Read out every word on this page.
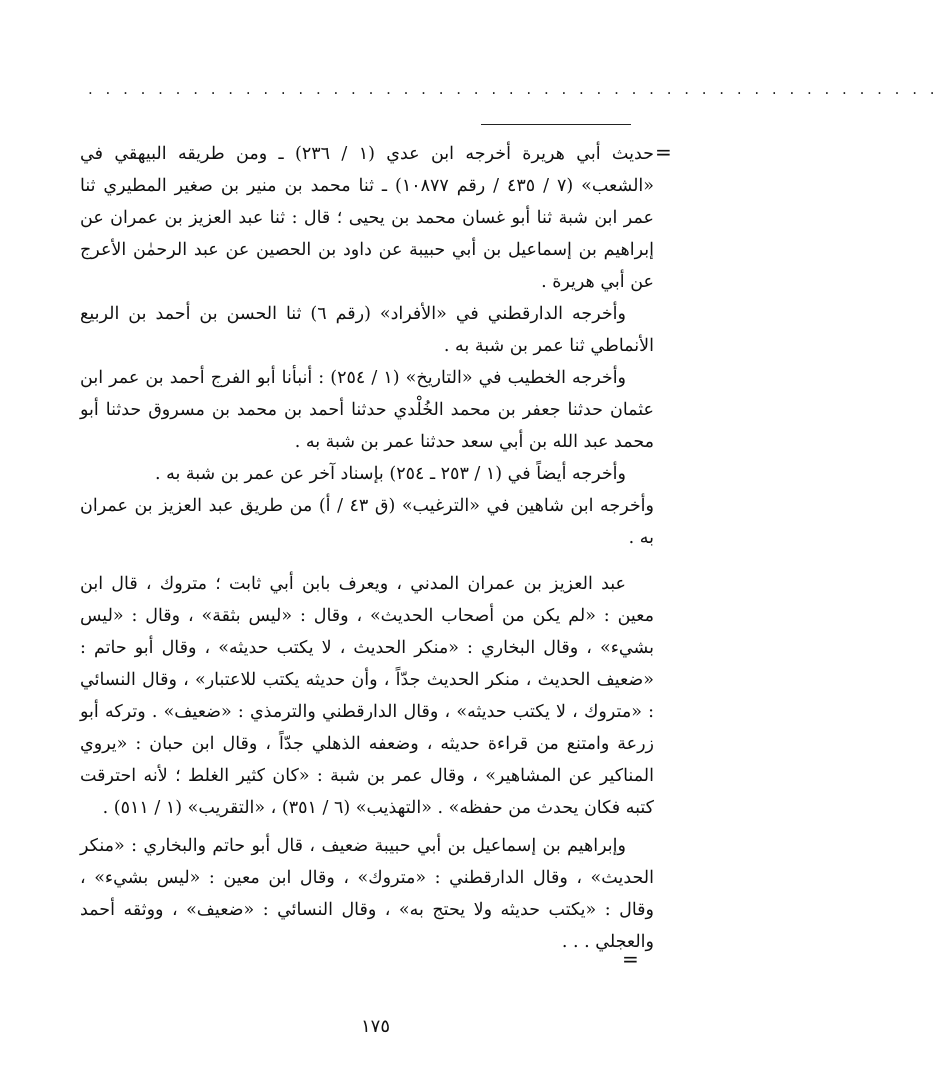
. . . . . . . . . . . . . . . . . . . . . . . . . . . . . . . . . . . . . . . . . . . . . . . . .
=

حديث أبي هريرة أخرجه ابن عدي (١ / ٢٣٦) ـ ومن طريقه البيهقي في «الشعب» (٧ / ٤٣٥ / رقم ١٠٨٧٧) ـ ثنا محمد بن منير بن صغير المطيري ثنا عمر ابن شبة ثنا أبو غسان محمد بن يحيى ؛ قال : ثنا عبد العزيز بن عمران عن إبراهيم بن إسماعيل بن أبي حبيبة عن داود بن الحصين عن عبد الرحمٰن الأعرج عن أبي هريرة .

وأخرجه الدارقطني في «الأفراد» (رقم ٦) ثنا الحسن بن أحمد بن الربيع الأنماطي ثنا عمر بن شبة به .

وأخرجه الخطيب في «التاريخ» (١ / ٢٥٤) : أنبأنا أبو الفرج أحمد بن عمر ابن عثمان حدثنا جعفر بن محمد الخُلْدي حدثنا أحمد بن محمد بن مسروق حدثنا أبو محمد عبد الله بن أبي سعد حدثنا عمر بن شبة به .

وأخرجه أيضاً في (١ / ٢٥٣ ـ ٢٥٤) بإسناد آخر عن عمر بن شبة به .

وأخرجه ابن شاهين في «الترغيب» (ق ٤٣ / أ) من طريق عبد العزيز بن عمران به .

عبد العزيز بن عمران المدني ، ويعرف بابن أبي ثابت ؛ متروك ، قال ابن معين : «لم يكن من أصحاب الحديث» ، وقال : «ليس بثقة» ، وقال : «ليس بشيء» ، وقال البخاري : «منكر الحديث ، لا يكتب حديثه» ، وقال أبو حاتم : «ضعيف الحديث ، منكر الحديث جدّاً ، وأن حديثه يكتب للاعتبار» ، وقال النسائي : «متروك ، لا يكتب حديثه» ، وقال الدارقطني والترمذي : «ضعيف» . وتركه أبو زرعة وامتنع من قراءة حديثه ، وضعفه الذهلي جدّاً ، وقال ابن حبان : «يروي المناكير عن المشاهير» ، وقال عمر بن شبة : «كان كثير الغلط ؛ لأنه احترقت كتبه فكان يحدث من حفظه» . «التهذيب» (٦ / ٣٥١) ، «التقريب» (١ / ٥١١) .

وإبراهيم بن إسماعيل بن أبي حبيبة ضعيف ، قال أبو حاتم والبخاري : «منكر الحديث» ، وقال الدارقطني : «متروك» ، وقال ابن معين : «ليس بشيء» ، وقال : «يكتب حديثه ولا يحتج به» ، وقال النسائي : «ضعيف» ، ووثقه أحمد والعجلي . . .

=
١٧٥
